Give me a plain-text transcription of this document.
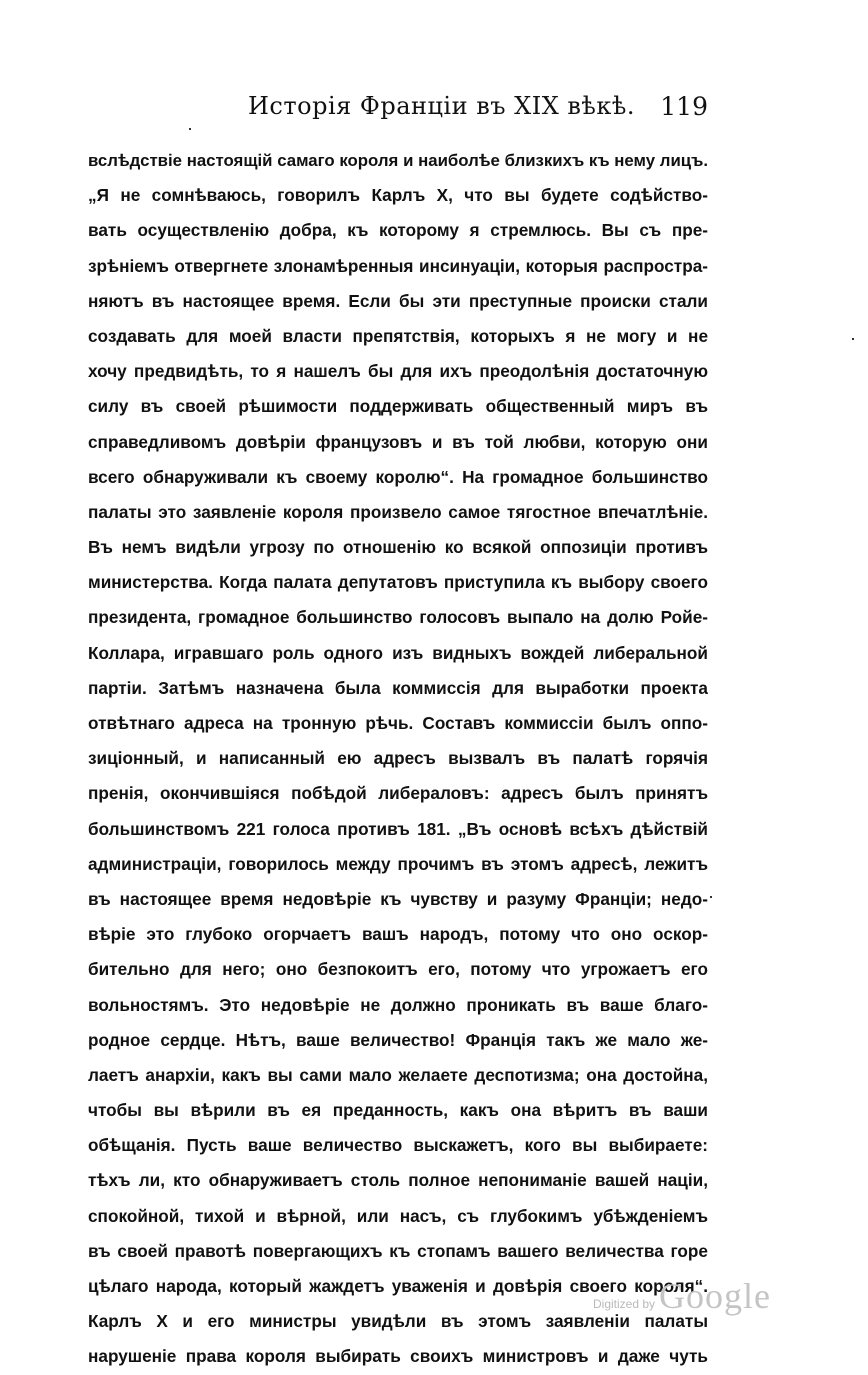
Исторія Франціи въ XIX вѣкѣ. 119
вслѣдствіе настоящій самаго короля и наиболѣе близкихъ къ нему лицъ.
„Я не сомнѣваюсь, говорилъ Карлъ X, что вы будете содѣйство-
вать осуществленію добра, къ которому я стремлюсь. Вы съ пре-
зрѣніемъ отвергнете злонамѣренныя инсинуаціи, которыя распростра-
няютъ въ настоящее время. Если бы эти преступные происки стали
создавать для моей власти препятствія, которыхъ я не могу и не
хочу предвидѣть, то я нашелъ бы для ихъ преодолѣнія достаточную
силу въ своей рѣшимости поддерживать общественный миръ въ
справедливомъ довѣріи французовъ и въ той любви, которую они
всего обнаруживали къ своему королю“. На громадное большинство
палаты это заявленіе короля произвело самое тягостное впечатлѣніе.
Въ немъ видѣли угрозу по отношенію ко всякой оппозиціи противъ
министерства. Когда палата депутатовъ приступила къ выбору своего
президента, громадное большинство голосовъ выпало на долю Ройе-
Коллара, игравшаго роль одного изъ видныхъ вождей либеральной
партіи. Затѣмъ назначена была коммиссія для выработки проекта
отвѣтнаго адреса на тронную рѣчь. Составъ коммиссіи былъ оппо-
зиціонный, и написанный ею адресъ вызвалъ въ палатѣ горячія
пренія, окончившіяся побѣдой либераловъ: адресъ былъ принятъ
большинствомъ 221 голоса противъ 181. „Въ основѣ всѣхъ дѣйствій
администраціи, говорилось между прочимъ въ этомъ адресѣ, лежитъ
въ настоящее время недовѣріе къ чувству и разуму Франціи; недо-
вѣріе это глубоко огорчаетъ вашъ народъ, потому что оно оскор-
бительно для него; оно безпокоитъ его, потому что угрожаетъ его
вольностямъ. Это недовѣріе не должно проникать въ ваше благо-
родное сердце. Нѣтъ, ваше величество! Франція такъ же мало же-
лаетъ анархіи, какъ вы сами мало желаете деспотизма; она достойна,
чтобы вы вѣрили въ ея преданность, какъ она вѣритъ въ ваши
обѣщанія. Пусть ваше величество выскажетъ, кого вы выбираете:
тѣхъ ли, кто обнаруживаетъ столь полное непониманіе вашей націи,
спокойной, тихой и вѣрной, или насъ, съ глубокимъ убѣжденіемъ
въ своей правотѣ повергающихъ къ стопамъ вашего величества горе
цѣлаго народа, который жаждетъ уваженія и довѣрія своего короля“.
Карлъ X и его министры увидѣли въ этомъ заявленіи палаты
нарушеніе права короля выбирать своихъ министровъ и даже чуть
Digitized by Google
